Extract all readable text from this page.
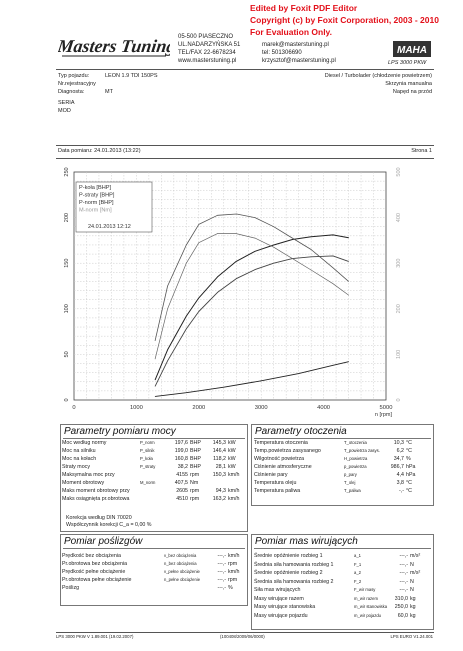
Edited by Foxit PDF Editor
Copyright (c) by Foxit Corporation, 2003 - 2010
For Evaluation Only.
Masters Tuning 05-500 PIASECZNO
UL.NADARZYŃSKA 51
TEL/FAX 22-6678234
www.masterstuning.pl
marek@masterstuning.pl
tel: 501306690
krzysztof@masterstuning.pl
MAHA
LPS 3000 PKW
Typ pojazdu:	LEON 1.9 TDI 150PS
Nr.rejestracyjny
Diagnosta:	MT
SERIA
MOD
Diesel / Turbolader (chłodzenie powietrzem)
Skrzynia manualna
Napęd na przód
Data pomiaru: 24.01.2013 (13:22)	Strona 1
0
50
100
150
200
250
0
100
200
300
400
500
0	1000	2000	3000	4000	5000
n [rpm]
P-koła [BHP]
P-straty [BHP]
P-norm [BHP]
M-norm [Nm]
24.01.2013 12:12
Parametry pomiaru mocy
Moc według normy	P_norm	197,6 BHP	145,3 kW
Moc na silniku	P_silnik	199,0 BHP	146,4 kW
Moc na kołach	P_koła	160,8 BHP	118,2 kW
Straty mocy	P_straty	38,2 BHP	28,1 kW
Maksymalna moc przy	4155 rpm	150,3 km/h
Moment obrotowy	M_norm	407,5 Nm
Maks moment obrotowy przy	2605 rpm	94,3 km/h
Maks osiągnięta pr.obrotowa	4510 rpm	163,2 km/h
Korekcja według DIN 70020
Współczynnik korekcji C_a = 0,00 %
Parametry otoczenia
Temperatura otoczenia	T_otoczenia	10,3 °C
Temp.powietrza zasysanego	T_powietrza zasys.	6,2 °C
Wilgotność powietrza	H_powietrza	34,7 %
Ciśnienie atmosferyczne	p_powietrza	986,7 hPa
Ciśnienie pary	p_pary	4,4 hPa
Temperatura oleju	T_olej	3,8 °C
Temperatura paliwa	T_paliwa	-,- °C
Pomiar poślizgów
Prędkość bez obciążenia	v_bez obciążenia	---,- km/h
Pr.obrotowa bez obciążenia	n_bez obciążenia	---,- rpm
Prędkość pełne obciążenie	v_pełne obciążenie	---,- km/h
Pr.obrotowa pełne obciążenie	n_pełne obciążenie	---,- rpm
Poślizg	---,- %
Pomiar mas wirujących
Średnie opóźnienie rozbieg 1	a_1	---,- m/s²
Średnia siła hamowania rozbieg 1	F_1	---,- N
Średnie opóźnienie rozbieg 2	a_2	---,- m/s²
Średnia siła hamowania rozbieg 2	F_2	---,- N
Siła mas wirujących	F_wir masy	---,- N
Masy wirujące razem	m_wir razem	310,0 kg
Masy wirujące stanowiska	m_wir stanowiska	250,0 kg
Masy wirujące pojazdu	m_wir pojazdu	60,0 kg
LPS 3000 PKW V 1.89.001 (19.02.2007)	(100408/2009/06/0000)	LPS EURO V1.24.001
